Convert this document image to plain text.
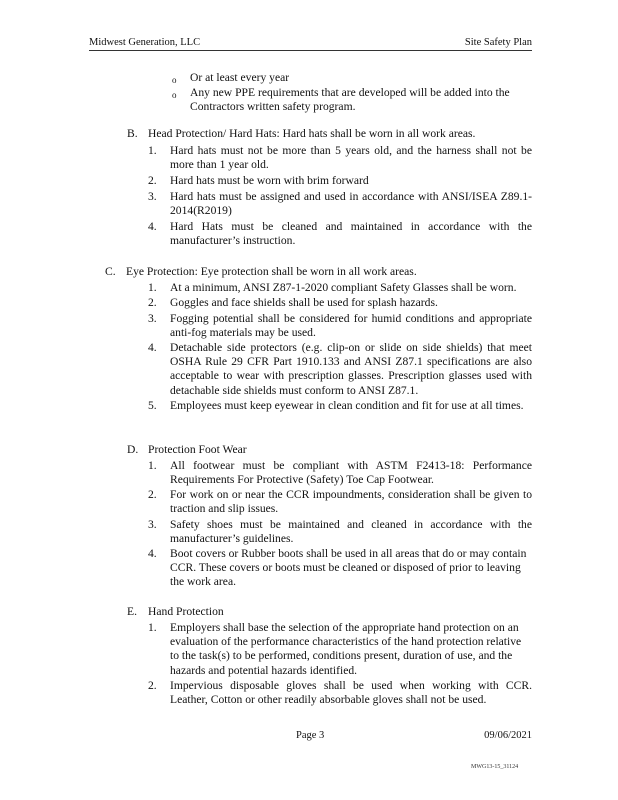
Midwest Generation, LLC	Site Safety Plan
o Or at least every year
o Any new PPE requirements that are developed will be added into the Contractors written safety program.
B. Head Protection/ Hard Hats: Hard hats shall be worn in all work areas.
1. Hard hats must not be more than 5 years old, and the harness shall not be more than 1 year old.
2. Hard hats must be worn with brim forward
3. Hard hats must be assigned and used in accordance with ANSI/ISEA Z89.1-2014(R2019)
4. Hard Hats must be cleaned and maintained in accordance with the manufacturer’s instruction.
C. Eye Protection: Eye protection shall be worn in all work areas.
1. At a minimum, ANSI Z87-1-2020 compliant Safety Glasses shall be worn.
2. Goggles and face shields shall be used for splash hazards.
3. Fogging potential shall be considered for humid conditions and appropriate anti-fog materials may be used.
4. Detachable side protectors (e.g. clip-on or slide on side shields) that meet OSHA Rule 29 CFR Part 1910.133 and ANSI Z87.1 specifications are also acceptable to wear with prescription glasses. Prescription glasses used with detachable side shields must conform to ANSI Z87.1.
5. Employees must keep eyewear in clean condition and fit for use at all times.
D. Protection Foot Wear
1. All footwear must be compliant with ASTM F2413-18: Performance Requirements For Protective (Safety) Toe Cap Footwear.
2. For work on or near the CCR impoundments, consideration shall be given to traction and slip issues.
3. Safety shoes must be maintained and cleaned in accordance with the manufacturer’s guidelines.
4. Boot covers or Rubber boots shall be used in all areas that do or may contain CCR. These covers or boots must be cleaned or disposed of prior to leaving the work area.
E. Hand Protection
1. Employers shall base the selection of the appropriate hand protection on an evaluation of the performance characteristics of the hand protection relative to the task(s) to be performed, conditions present, duration of use, and the hazards and potential hazards identified.
2. Impervious disposable gloves shall be used when working with CCR. Leather, Cotton or other readily absorbable gloves shall not be used.
Page 3	09/06/2021
MWG13-15_31124
